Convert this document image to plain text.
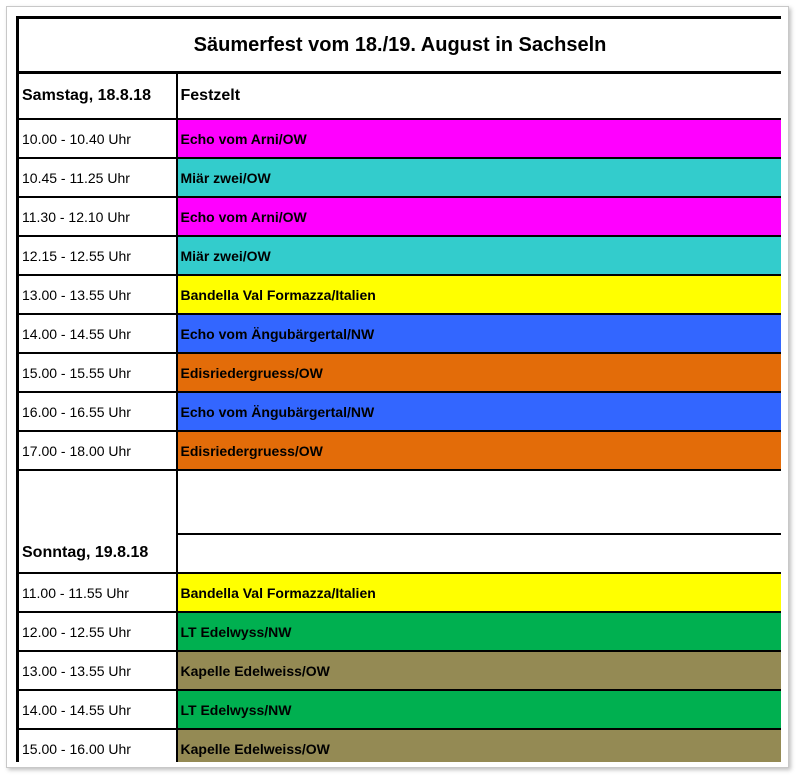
Säumerfest vom 18./19. August in Sachseln	
Samstag, 18.8.18	Festzelt
10.00 - 10.40 Uhr	Echo vom Arni/OW
10.45 - 11.25 Uhr	Miär zwei/OW
11.30 - 12.10 Uhr	Echo vom Arni/OW
12.15 - 12.55 Uhr	Miär zwei/OW
13.00 - 13.55 Uhr	Bandella Val Formazza/Italien
14.00 - 14.55 Uhr	Echo vom Ängubärgertal/NW
15.00 - 15.55 Uhr	Edisriedergruess/OW
16.00 - 16.55 Uhr	Echo vom Ängubärgertal/NW
17.00 - 18.00 Uhr	Edisriedergruess/OW

Sonntag, 19.8.18	
11.00 - 11.55 Uhr	Bandella Val Formazza/Italien
12.00 - 12.55 Uhr	LT Edelwyss/NW
13.00 - 13.55 Uhr	Kapelle Edelweiss/OW
14.00 - 14.55 Uhr	LT Edelwyss/NW
15.00 - 16.00 Uhr	Kapelle Edelweiss/OW
